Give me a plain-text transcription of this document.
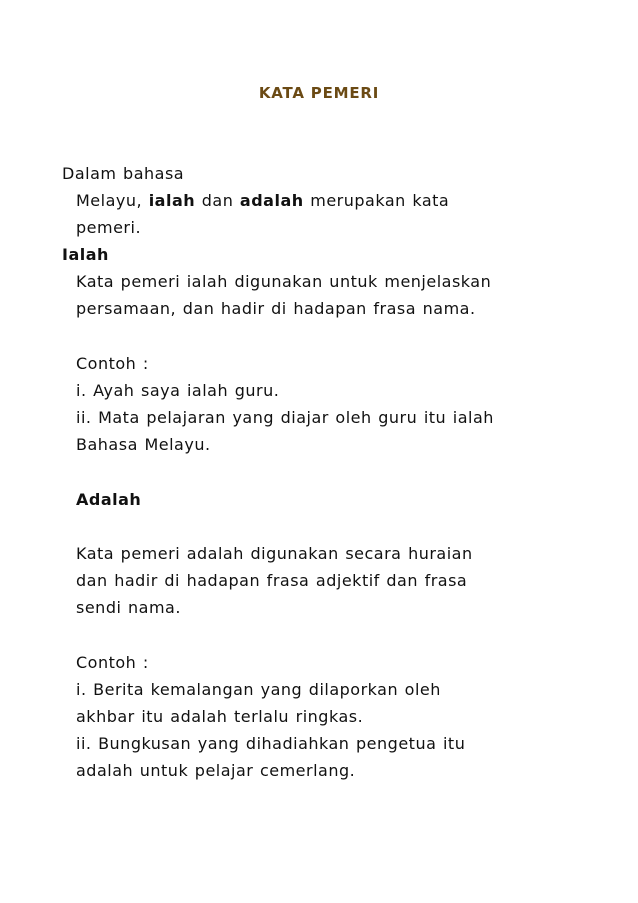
KATA PEMERI
Dalam bahasa
Melayu, ialah dan adalah merupakan kata
pemeri.
Ialah
Kata pemeri ialah digunakan untuk menjelaskan
persamaan, dan hadir di hadapan frasa nama.
Contoh :
i. Ayah saya ialah guru.
ii. Mata pelajaran yang diajar oleh guru itu ialah
Bahasa Melayu.
Adalah
Kata pemeri adalah digunakan secara huraian
dan hadir di hadapan frasa adjektif dan frasa
sendi nama.
Contoh :
i. Berita kemalangan yang dilaporkan oleh
akhbar itu adalah terlalu ringkas.
ii. Bungkusan yang dihadiahkan pengetua itu
adalah untuk pelajar cemerlang.
